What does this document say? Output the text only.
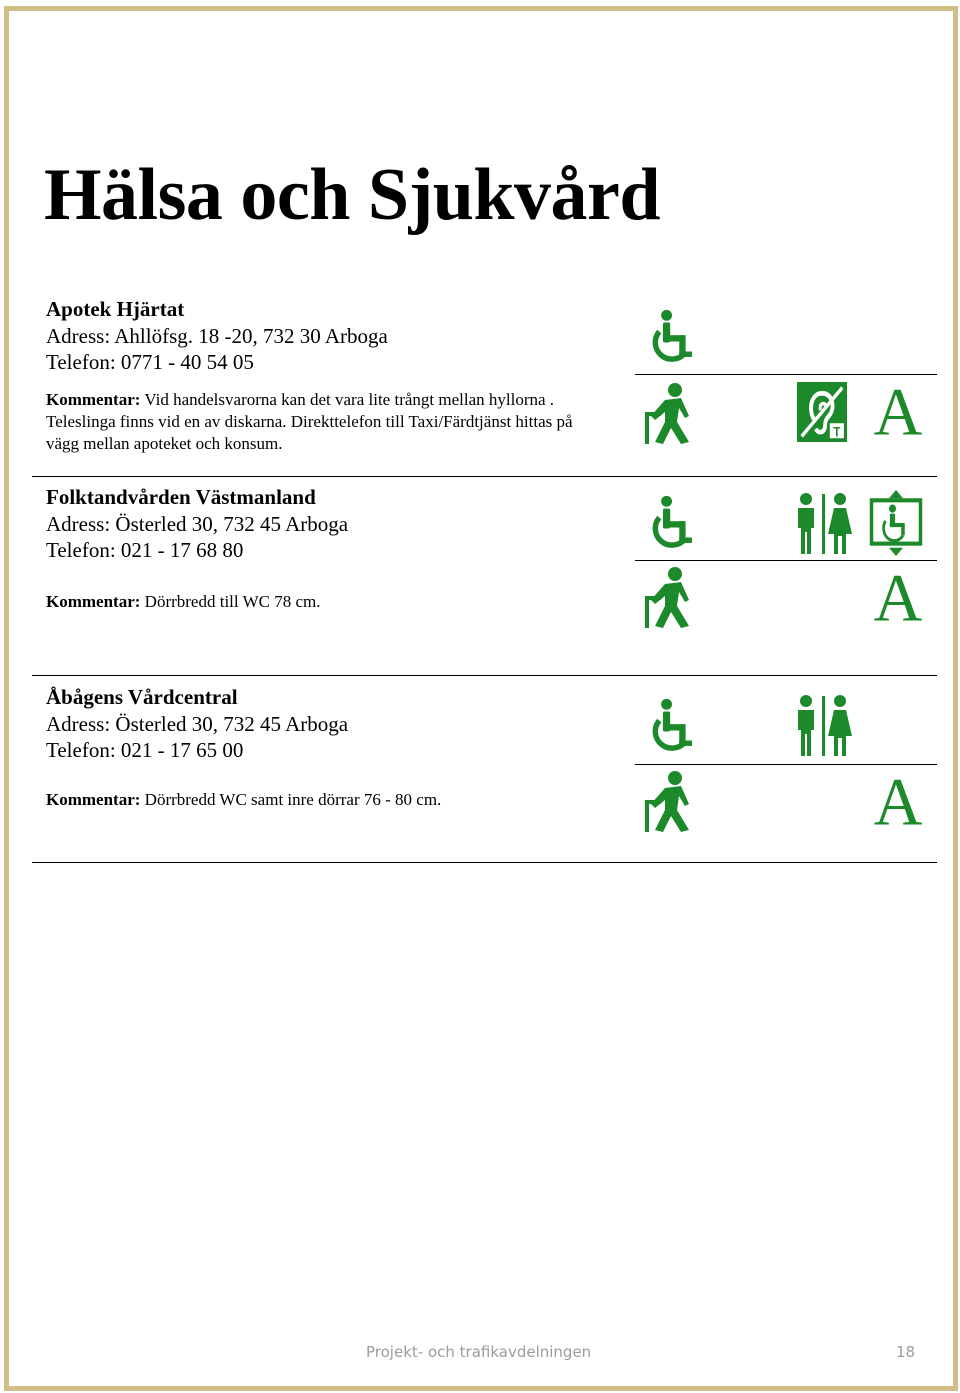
Hälsa och Sjukvård
Apotek Hjärtat
Adress: Ahllöfsg. 18 -20, 732 30 Arboga
Telefon: 0771 - 40 54 05
Kommentar: Vid handelsvarorna kan det vara lite trångt mellan hyllorna . Teleslinga finns vid en av diskarna. Direkttelefon till Taxi/Färdtjänst hittas på vägg mellan apoteket och konsum.
Folktandvården Västmanland
Adress: Österled 30, 732 45 Arboga
Telefon: 021 - 17 68 80
Kommentar: Dörrbredd till WC 78 cm.
Åbågens Vårdcentral
Adress: Österled 30, 732 45 Arboga
Telefon: 021 - 17 65 00
Kommentar: Dörrbredd WC samt inre dörrar 76 - 80 cm.
Projekt- och trafikavdelningen	18
